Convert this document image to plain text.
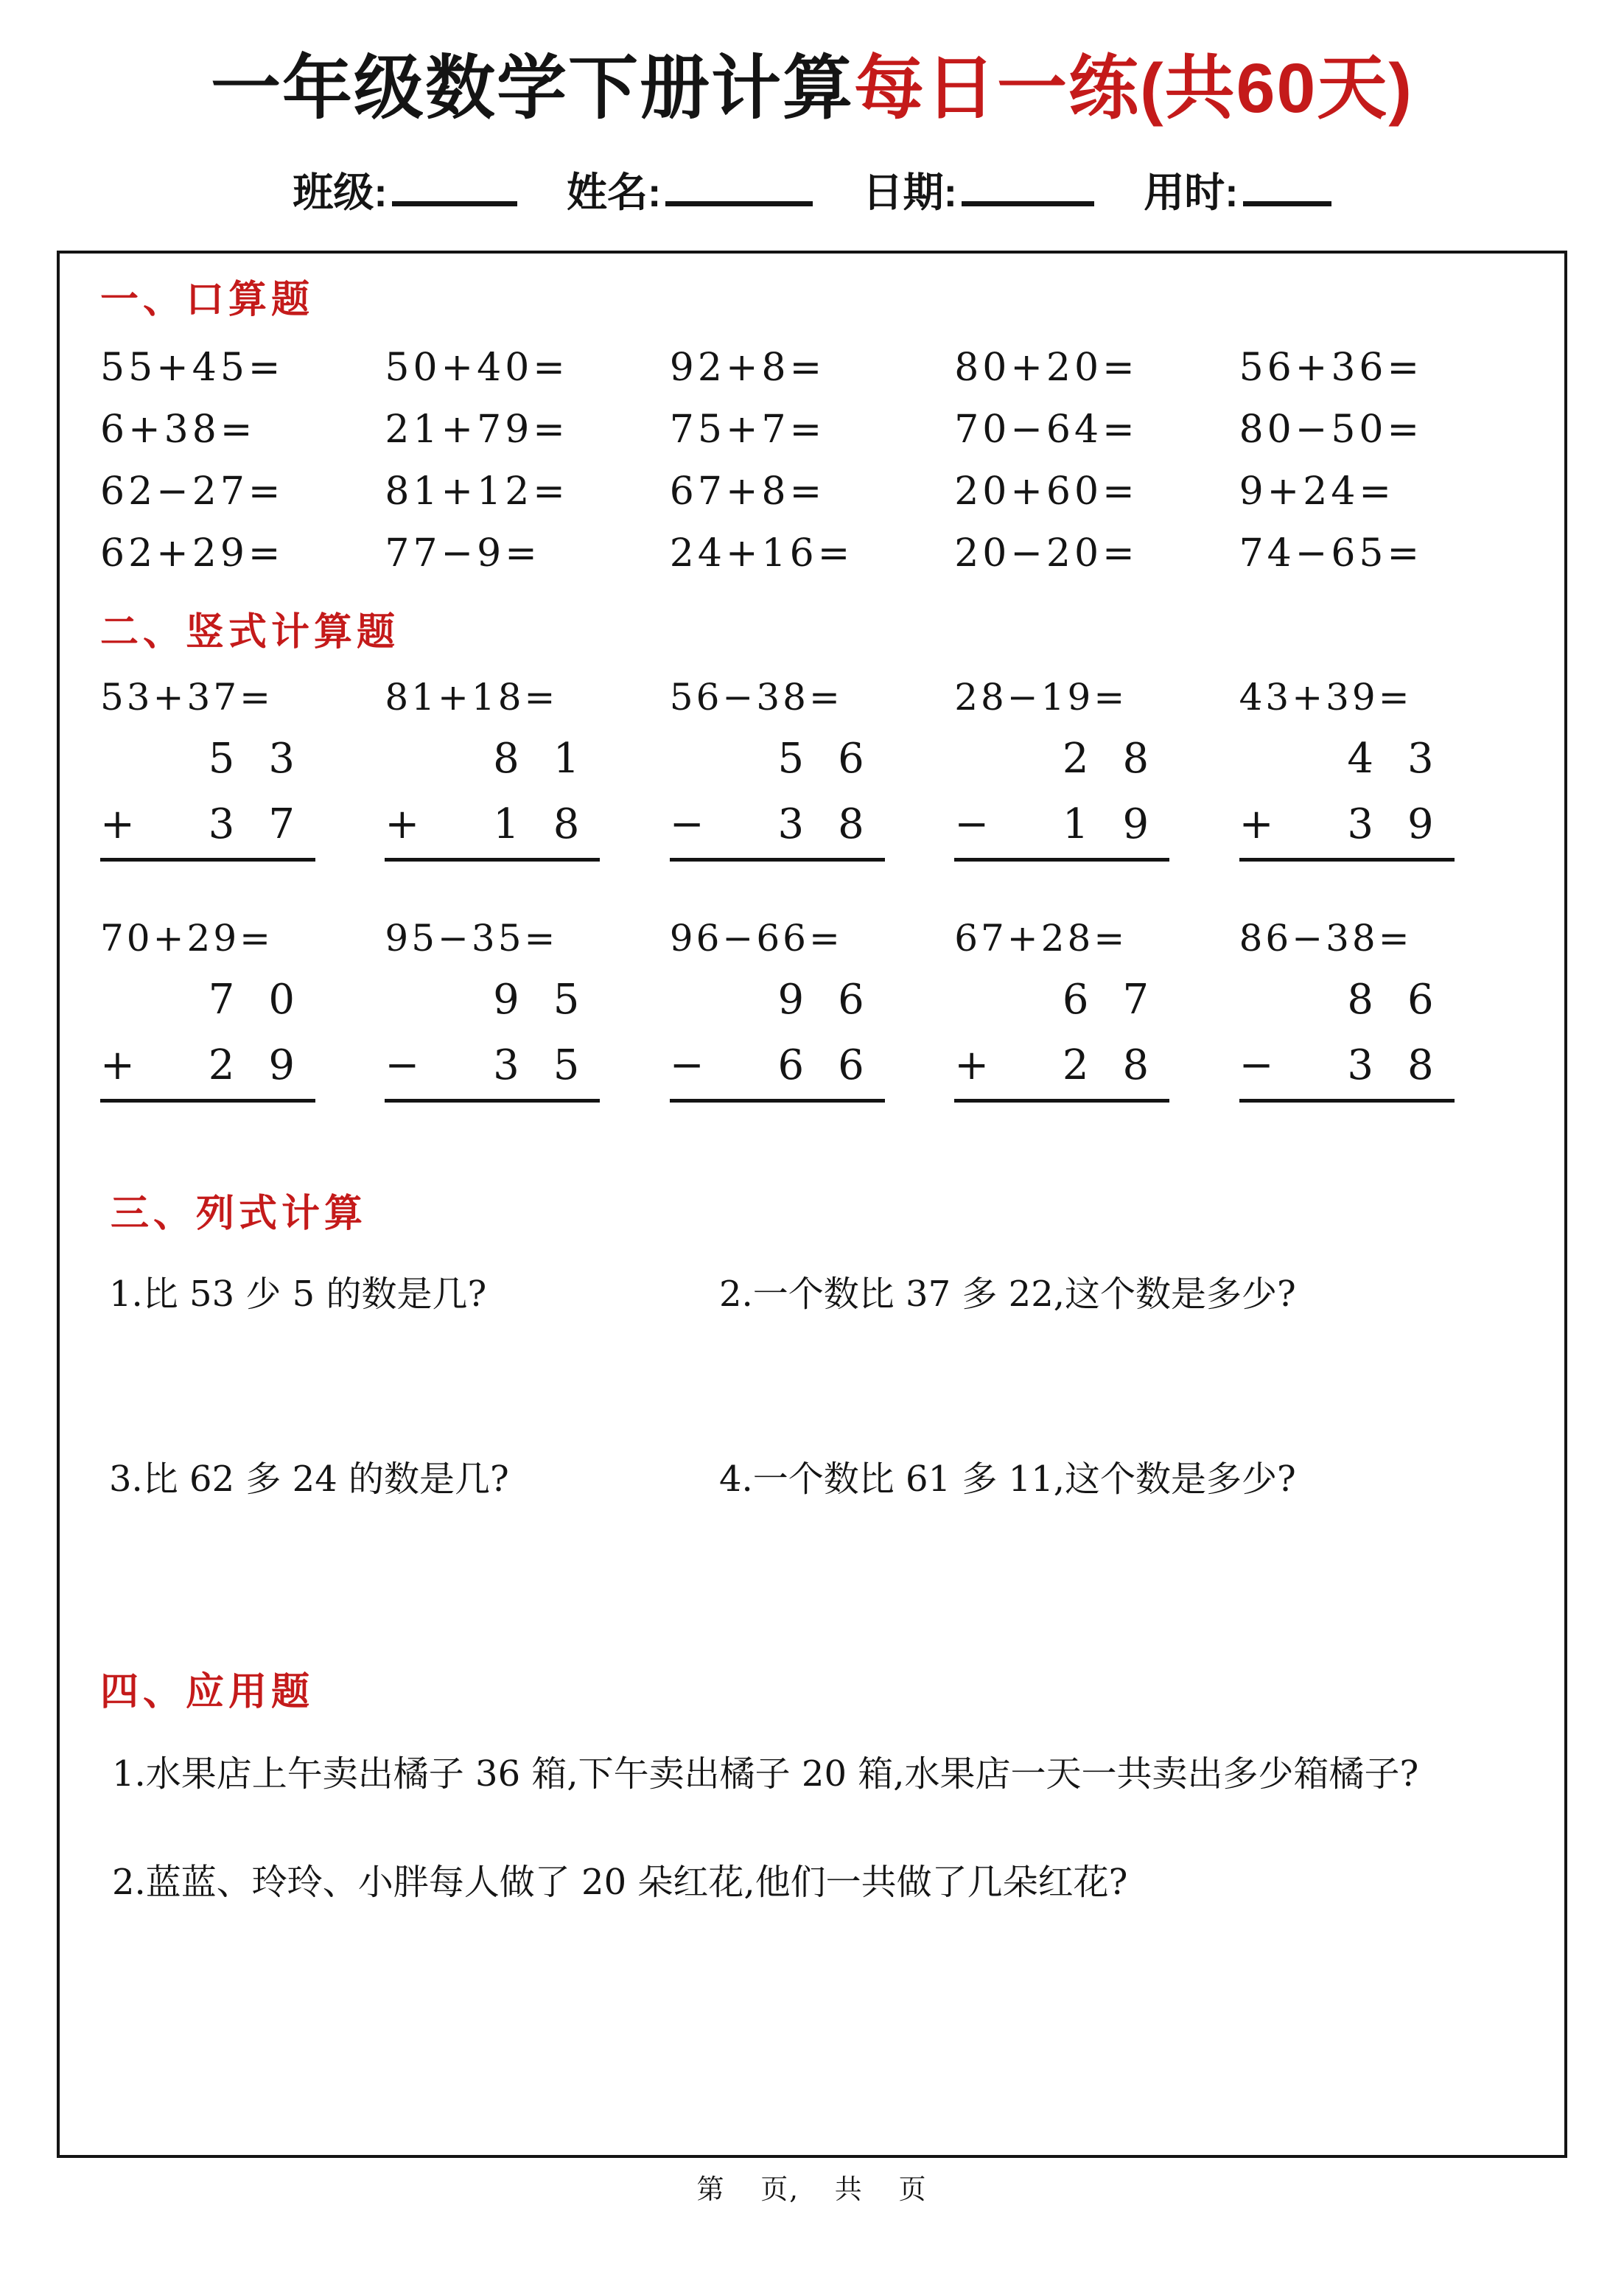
一年级数学下册计算每日一练(共60天)
班级:	姓名:	日期:	用时:
一、口算题
55+45=	50+40=	92+8=	80+20=	56+36=
6+38=	21+79=	75+7=	70−64=	80−50=
62−27=	81+12=	67+8=	20+60=	9+24=
62+29=	77−9=	24+16=	20−20=	74−65=
二、竖式计算题
53+37=	81+18=	56−38=	28−19=	43+39=
53
+ 37
81
+ 18
56
− 38
28
− 19
43
+ 39
70+29=	95−35=	96−66=	67+28=	86−38=
70
+ 29
95
− 35
96
− 66
67
+ 28
86
− 38
三、列式计算
1.比 53 少 5 的数是几?	2.一个数比 37 多 22,这个数是多少?
3.比 62 多 24 的数是几?	4.一个数比 61 多 11,这个数是多少?
四、应用题

1.水果店上午卖出橘子 36 箱,下午卖出橘子 20 箱,水果店一天一共卖出多少箱橘子?

2.蓝蓝、玲玲、小胖每人做了 20 朵红花,他们一共做了几朵红花?

第 页, 共 页
